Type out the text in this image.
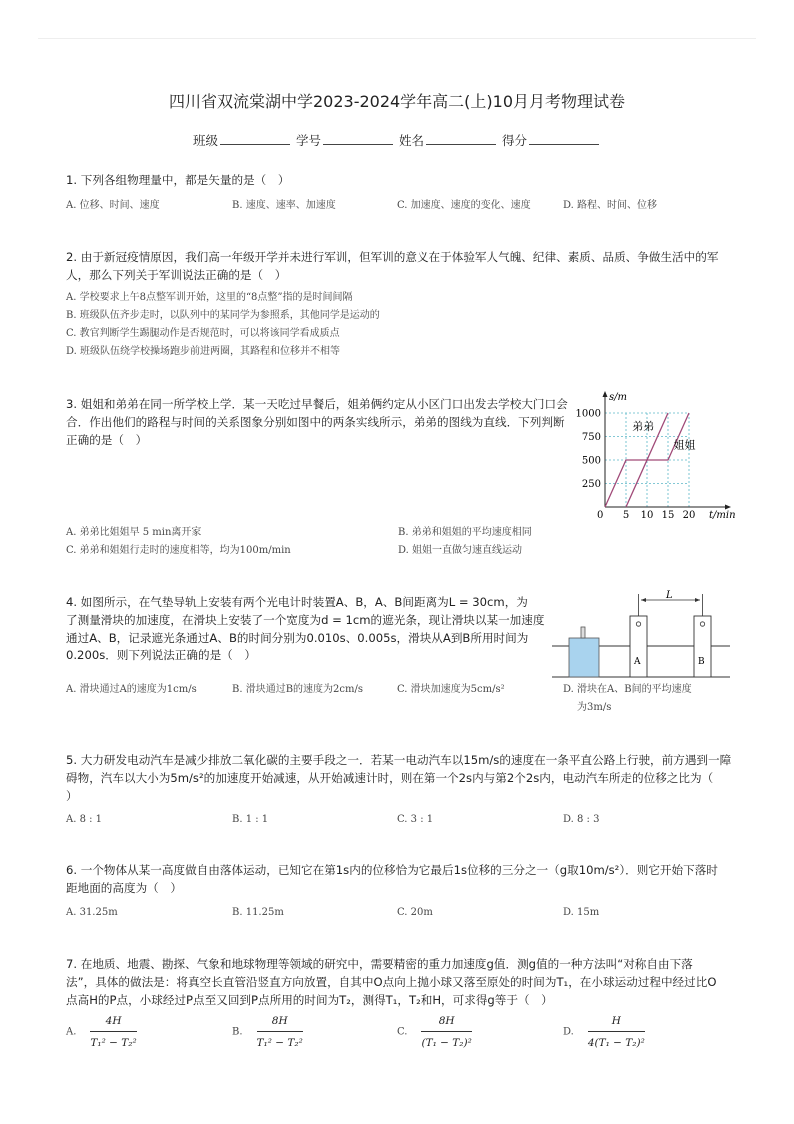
四川省双流棠湖中学2023-2024学年高二(上)10月月考物理试卷
班级	学号	姓名	得分
1. 下列各组物理量中，都是矢量的是（　）
A. 位移、时间、速度	B. 速度、速率、加速度	C. 加速度、速度的变化、速度	D. 路程、时间、位移
2. 由于新冠疫情原因，我们高一年级开学并未进行军训，但军训的意义在于体验军人气魄、纪律、素质、品质、争做生活中的军
人，那么下列关于军训说法正确的是（　）
A. 学校要求上午8点整军训开始，这里的“8点整”指的是时间间隔
B. 班级队伍齐步走时，以队列中的某同学为参照系，其他同学是运动的
C. 教官判断学生踢腿动作是否规范时，可以将该同学看成质点
D. 班级队伍绕学校操场跑步前进两圈，其路程和位移并不相等
3. 姐姐和弟弟在同一所学校上学．某一天吃过早餐后，姐弟俩约定从小区门口出发去学校大门口会
合．作出他们的路程与时间的关系图象分别如图中的两条实线所示，弟弟的图线为直线．下列判断
正确的是（　）
5 10 15 20
250
500
750
1000
0	t/min
s/m
弟弟
姐姐
A. 弟弟比姐姐早 5 min离开家	B. 弟弟和姐姐的平均速度相同
C. 弟弟和姐姐行走时的速度相等，均为100m/min	D. 姐姐一直做匀速直线运动
4. 如图所示，在气垫导轨上安装有两个光电计时装置A、B，A、B间距离为L = 30cm，为
了测量滑块的加速度，在滑块上安装了一个宽度为d = 1cm的遮光条，现让滑块以某一加速度
通过A、B，记录遮光条通过A、B的时间分别为0.010s、0.005s，滑块从A到B所用时间为
0.200s．则下列说法正确的是（　）
L
A	B
A. 滑块通过A的速度为1cm/s	B. 滑块通过B的速度为2cm/s	C. 滑块加速度为5cm/s²	D. 滑块在A、B间的平均速度
为3m/s
5. 大力研发电动汽车是减少排放二氧化碳的主要手段之一．若某一电动汽车以15m/s的速度在一条平直公路上行驶，前方遇到一障
碍物，汽车以大小为5m/s²的加速度开始减速，从开始减速计时，则在第一个2s内与第2个2s内，电动汽车所走的位移之比为（
）
A. 8 : 1	B. 1 : 1	C. 3 : 1	D. 8 : 3
6. 一个物体从某一高度做自由落体运动，已知它在第1s内的位移恰为它最后1s位移的三分之一（g取10m/s²）．则它开始下落时
距地面的高度为（　）
A. 31.25m	B. 11.25m	C. 20m	D. 15m
7. 在地质、地震、勘探、气象和地球物理等领域的研究中，需要精密的重力加速度g值．测g值的一种方法叫“对称自由下落
法”，具体的做法是：将真空长直管沿竖直方向放置，自其中O点向上抛小球又落至原处的时间为T₁，在小球运动过程中经过比O
点高H的P点，小球经过P点至又回到P点所用的时间为T₂，测得T₁，T₂和H，可求得g等于（　）
A. $\frac{4H}{\text{T₁² − T₂²}}$	B. $\frac{8H}{\text{T₁² − T₂²}}$	C. $\frac{8H}{\text{(T₁ − T₂)²}}$	D. $\frac{H}{\text{4(T₁ − T₂)²}}$
